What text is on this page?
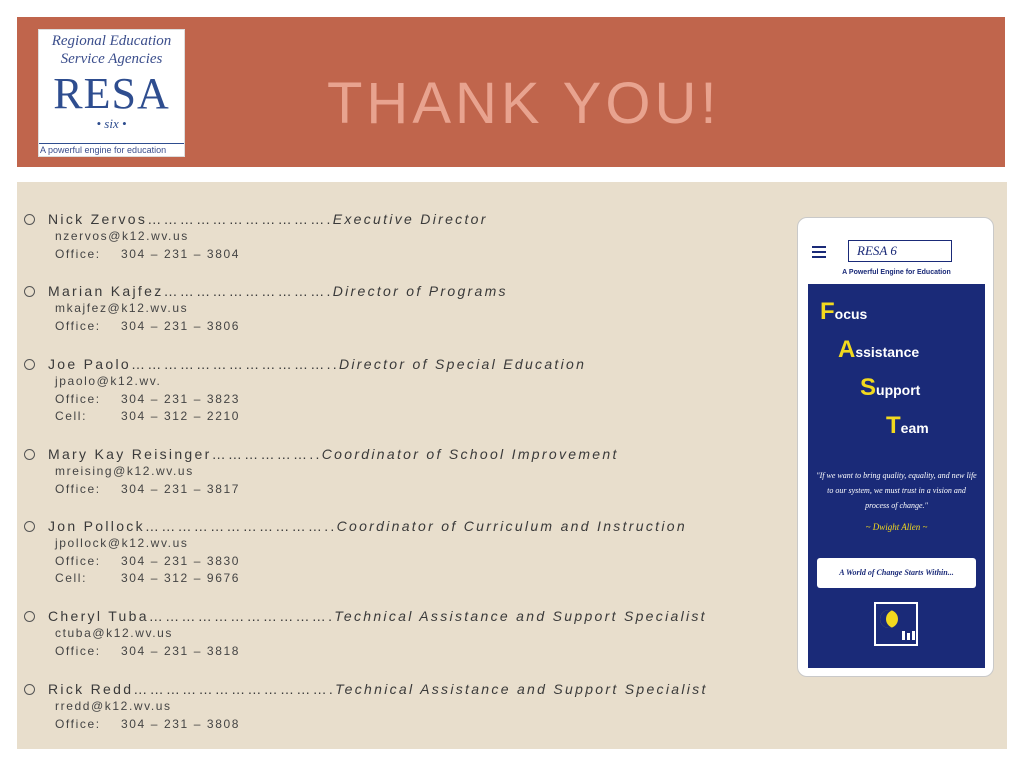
Regional Education
Service Agencies
RESA
• six •
A powerful engine for education
THANK YOU!
Nick Zervos ……………………………. Executive Director
nzervos@k12.wv.us
Office: 304 – 231 – 3804
Marian Kajfez …………………………. Director of Programs
mkajfez@k12.wv.us
Office: 304 – 231 – 3806
Joe Paolo ……………………………….. Director of Special Education
jpaolo@k12.wv.
Office: 304 – 231 – 3823
Cell:	304 – 312 – 2210
Mary Kay Reisinger ……………….. Coordinator of School Improvement
mreising@k12.wv.us
Office: 304 – 231 – 3817
Jon Pollock …………………………….. Coordinator of Curriculum and Instruction
jpollock@k12.wv.us
Office: 304 – 231 – 3830
Cell:	304 – 312 – 9676
Cheryl Tuba ……………………………. Technical Assistance and Support Specialist
ctuba@k12.wv.us
Office: 304 – 231 – 3818
Rick Redd ………………………………. Technical Assistance and Support Specialist
rredd@k12.wv.us
Office: 304 – 231 – 3808
RESA 6
A Powerful Engine for Education
Focus
Assistance
Support
Team
"If we want to bring quality, equality, and new life to our system, we must trust in a vision and process of change."
~ Dwight Allen ~
A World of Change Starts Within...
